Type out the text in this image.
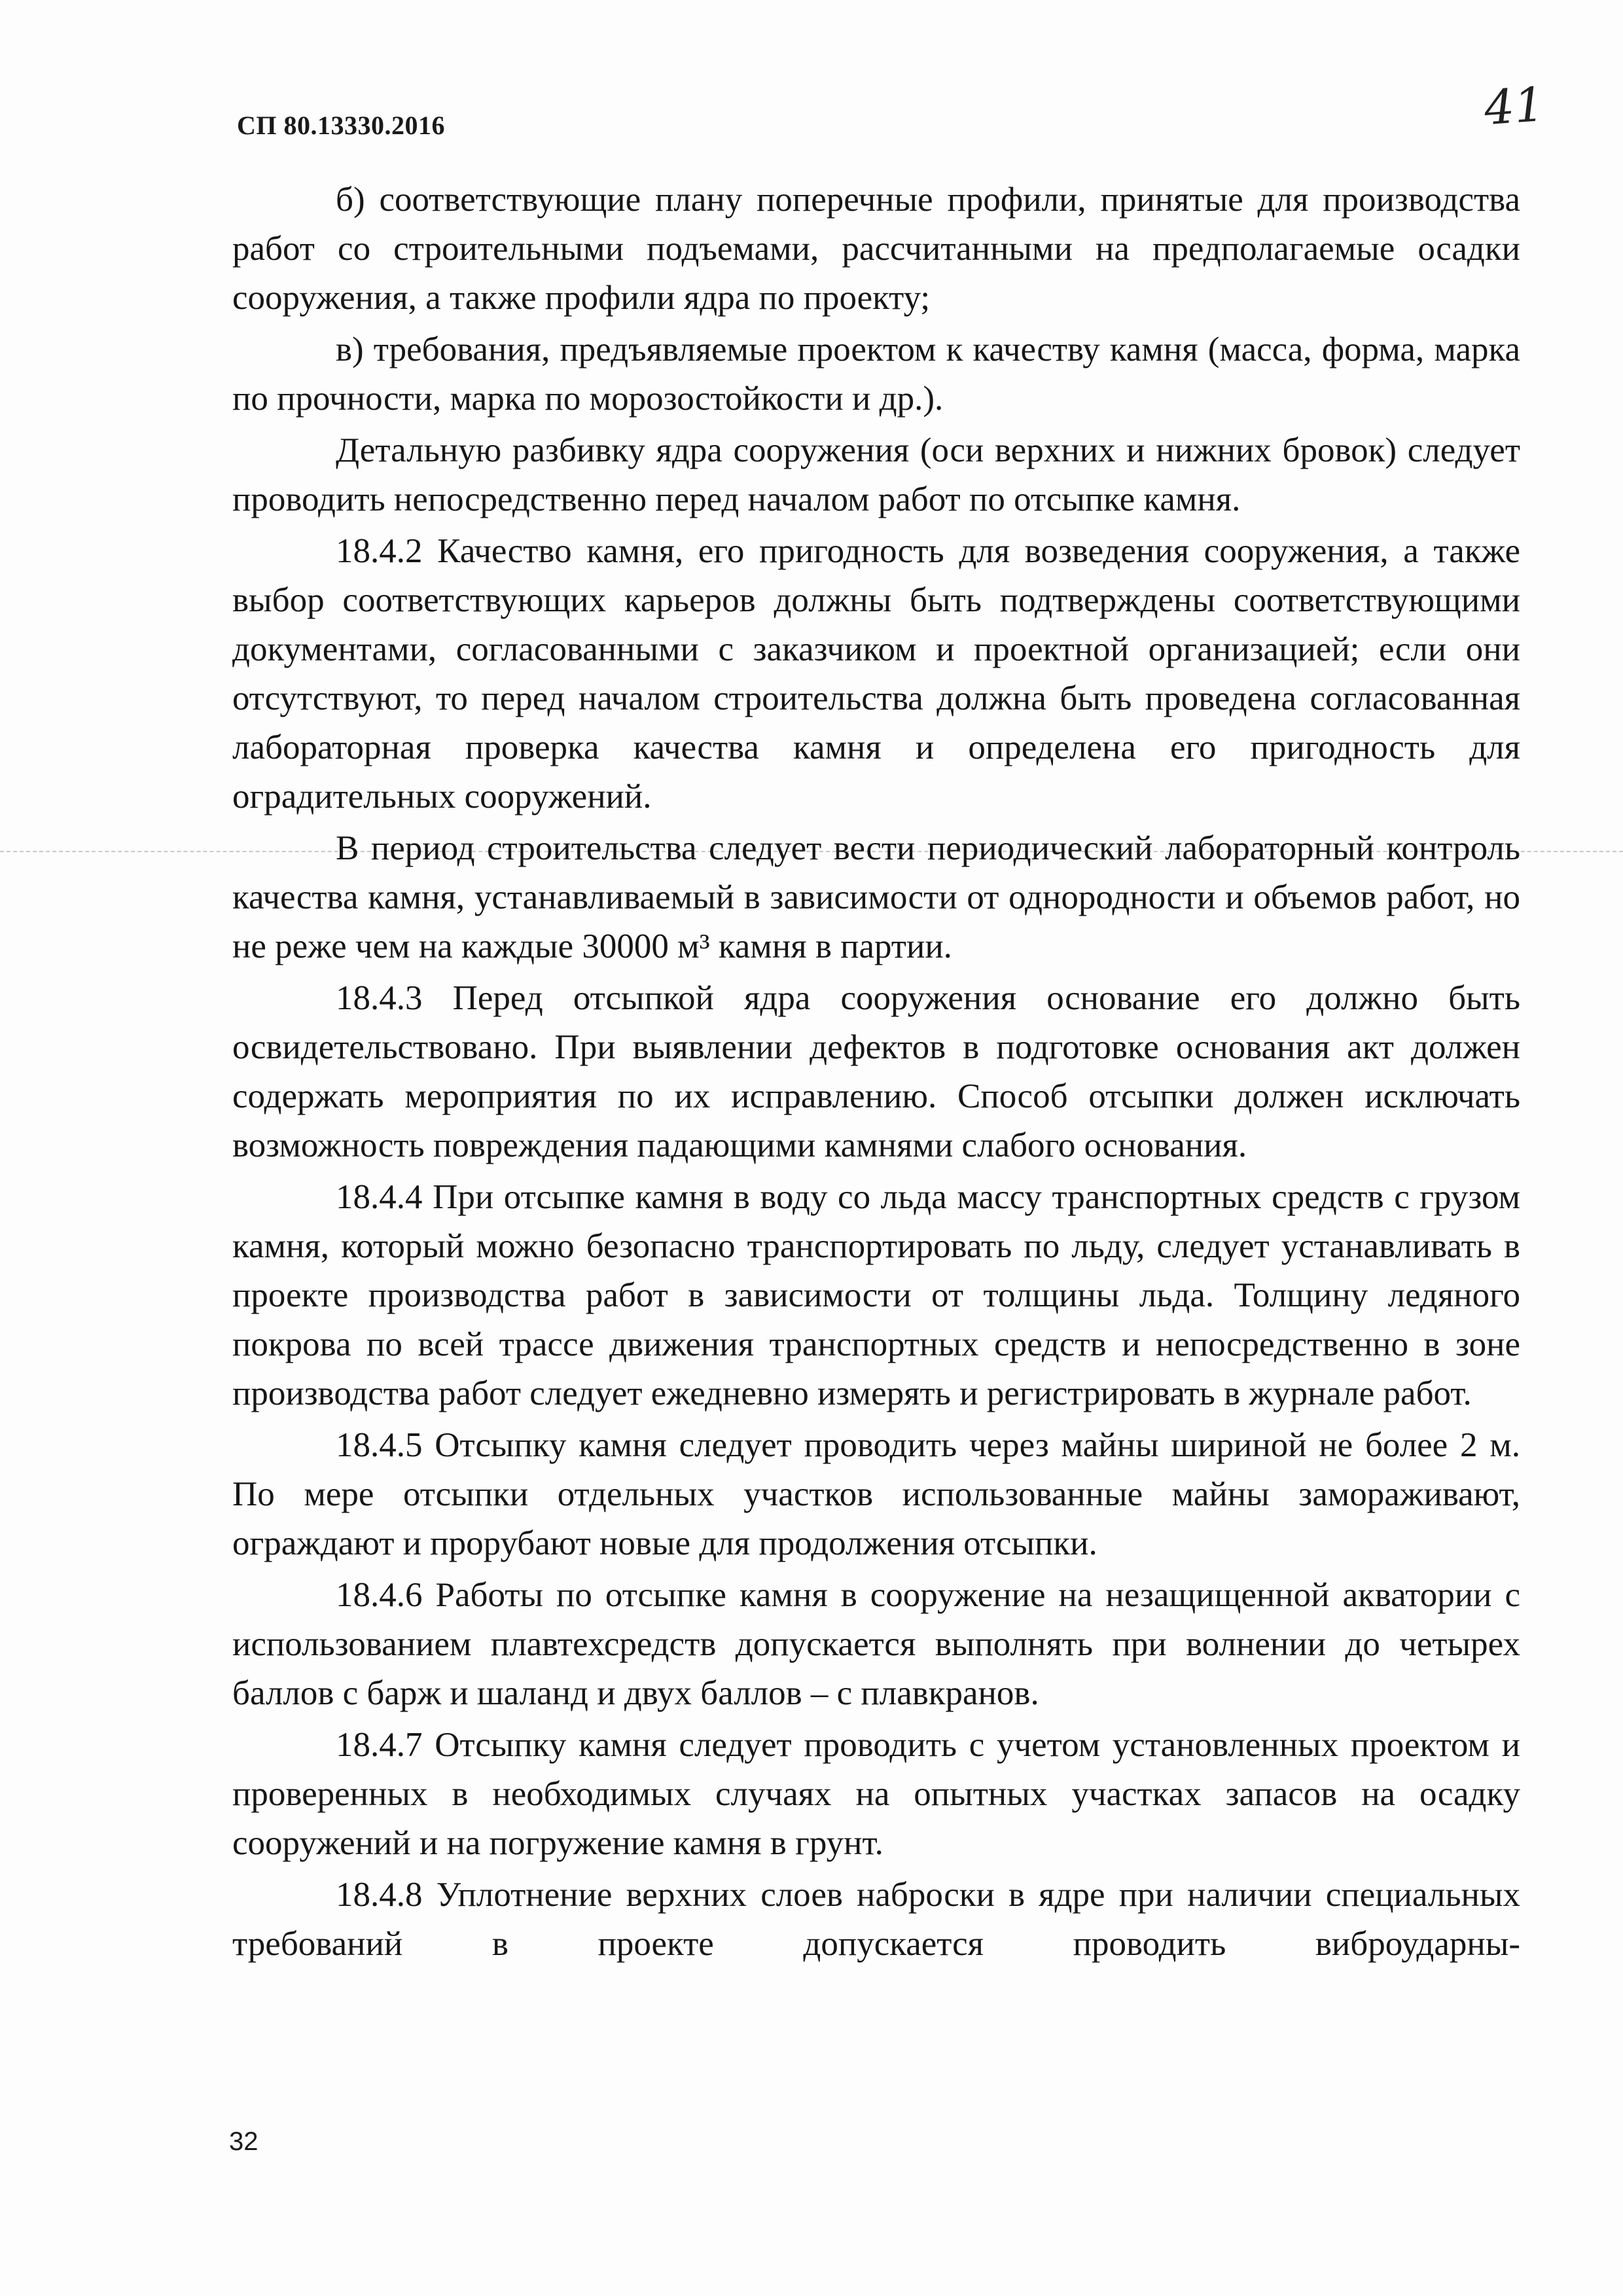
СП 80.13330.2016	41

б) соответствующие плану поперечные профили, принятые для производства работ со строительными подъемами, рассчитанными на предполагаемые осадки сооружения, а также профили ядра по проекту;

в) требования, предъявляемые проектом к качеству камня (масса, форма, марка по прочности, марка по морозостойкости и др.).

Детальную разбивку ядра сооружения (оси верхних и нижних бровок) следует проводить непосредственно перед началом работ по отсыпке камня.

18.4.2 Качество камня, его пригодность для возведения сооружения, а также выбор соответствующих карьеров должны быть подтверждены соответствующими документами, согласованными с заказчиком и проектной организацией; если они отсутствуют, то перед началом строительства должна быть проведена согласованная лабораторная проверка качества камня и определена его пригодность для оградительных сооружений.

В период строительства следует вести периодический лабораторный контроль качества камня, устанавливаемый в зависимости от однородности и объемов работ, но не реже чем на каждые 30000 м³ камня в партии.

18.4.3 Перед отсыпкой ядра сооружения основание его должно быть освидетельствовано. При выявлении дефектов в подготовке основания акт должен содержать мероприятия по их исправлению. Способ отсыпки должен исключать возможность повреждения падающими камнями слабого основания.

18.4.4 При отсыпке камня в воду со льда массу транспортных средств с грузом камня, который можно безопасно транспортировать по льду, следует устанавливать в проекте производства работ в зависимости от толщины льда. Толщину ледяного покрова по всей трассе движения транспортных средств и непосредственно в зоне производства работ следует ежедневно измерять и регистрировать в журнале работ.

18.4.5 Отсыпку камня следует проводить через майны шириной не более 2 м. По мере отсыпки отдельных участков использованные майны замораживают, ограждают и прорубают новые для продолжения отсыпки.

18.4.6 Работы по отсыпке камня в сооружение на незащищенной акватории с использованием плавтехсредств допускается выполнять при волнении до четырех баллов с барж и шаланд и двух баллов – с плавкранов.

18.4.7 Отсыпку камня следует проводить с учетом установленных проектом и проверенных в необходимых случаях на опытных участках запасов на осадку сооружений и на погружение камня в грунт.

18.4.8 Уплотнение верхних слоев наброски в ядре при наличии специальных требований в проекте допускается проводить виброударны-

32
